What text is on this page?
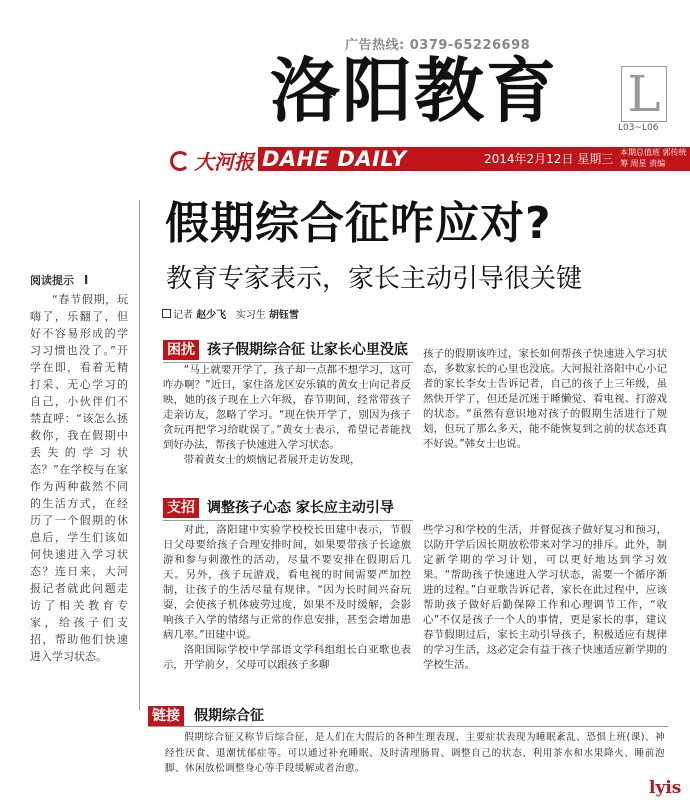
广告热线: 0379-65226698
洛阳教育 L
L03~L06
大河报 DAHE DAILY	2014年2月12日 星期三 本期总值班 郭传统筹 周星 责编
阅读提示 I
“春节假期，玩嗨了，乐翻了，但好不容易形成的学习习惯也没了。”开学在即，看着无精打采、无心学习的自己，小伙伴们不禁直呼：“该怎么拯救你，我在假期中丢失的学习状态？”在学校与在家作为两种截然不同的生活方式，在经历了一个假期的休息后，学生们该如何快速进入学习状态？连日来，大河报记者就此问题走访了相关教育专家，给孩子们支招，帮助他们快速进入学习状态。
假期综合征咋应对?
教育专家表示，家长主动引导很关键
记者 赵少飞 实习生 胡钰雪
困扰 孩子假期综合征 让家长心里没底

“马上就要开学了，孩子却一点都不想学习，这可咋办啊？”近日，家住洛龙区安乐镇的黄女士向记者反映，她的孩子现在上六年级，春节期间，经常带孩子走亲访友，忽略了学习。“现在快开学了，别因为孩子贪玩再把学习给耽误了。”黄女士表示，希望记者能找到好办法，帮孩子快速进入学习状态。

带着黄女士的烦恼记者展开走访发现，

孩子的假期该咋过，家长如何帮孩子快速进入学习状态，多数家长的心里也没底。大河报社洛阳中心小记者的家长李女士告诉记者，自己的孩子上三年级，虽然快开学了，但还是沉迷于睡懒觉、看电视、打游戏的状态。“虽然有意识地对孩子的假期生活进行了规划，但玩了那么多天，能不能恢复到之前的状态还真不好说。”韩女士也说。

支招 调整孩子心态 家长应主动引导

对此，洛阳建中实验学校校长田建中表示，节假日父母要给孩子合理安排时间，如果要带孩子长途旅游和参与刺激性的活动，尽量不要安排在假期后几天。另外，孩子玩游戏，看电视的时间需要严加控制，让孩子的生活尽量有规律。“因为长时间兴奋玩耍，会使孩子机体疲劳过度，如果不及时缓解，会影响孩子入学的情绪与正常的作息安排，甚至会增加患病几率。”田建中说。

洛阳国际学校中学部语文学科组组长白亚歌也表示，开学前夕，父母可以跟孩子多聊

些学习和学校的生活，并督促孩子做好复习和预习，以防开学后因长期放松带来对学习的排斥。此外，制定新学期的学习计划，可以更好地达到学习效果。“帮助孩子快速进入学习状态，需要一个循序渐进的过程。”白亚歌告诉记者，家长在此过程中，应该帮助孩子做好后勤保障工作和心理调节工作，“收心”不仅是孩子一个人的事情，更是家长的事，建议春节假期过后，家长主动引导孩子，积极适应有规律的学习生活，这必定会有益于孩子快速适应新学期的学校生活。

链接 假期综合征
假期综合征又称节后综合征，是人们在大假后的各种生理表现，主要症状表现为睡眠紊乱、恐惧上班(课)、神经性厌食、退潮忧郁症等。可以通过补充睡眠、及时清理肠胃、调整自己的状态、利用茶水和水果降火、睡前泡脚、休闲放松调整身心等手段缓解或者治愈。
lyis
